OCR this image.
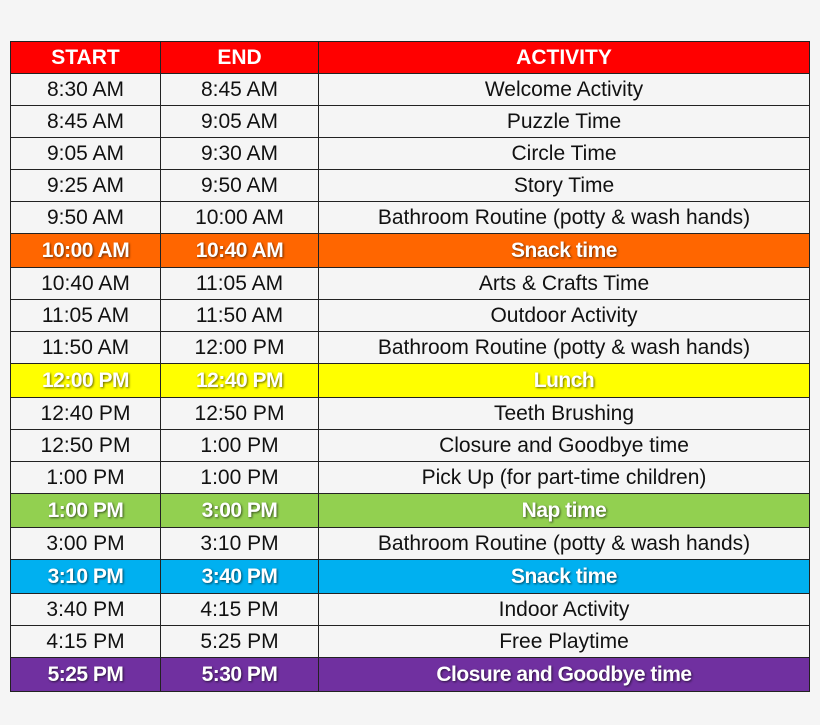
START	END	ACTIVITY
8:30 AM	8:45 AM	Welcome Activity
8:45 AM	9:05 AM	Puzzle Time
9:05 AM	9:30 AM	Circle Time
9:25 AM	9:50 AM	Story Time
9:50 AM	10:00 AM	Bathroom Routine (potty & wash hands)
10:00 AM	10:40 AM	Snack time
10:40 AM	11:05 AM	Arts & Crafts Time
11:05 AM	11:50 AM	Outdoor Activity
11:50 AM	12:00 PM	Bathroom Routine (potty & wash hands)
12:00 PM	12:40 PM	Lunch
12:40 PM	12:50 PM	Teeth Brushing
12:50 PM	1:00 PM	Closure and Goodbye time
1:00 PM	1:00 PM	Pick Up (for part-time children)
1:00 PM	3:00 PM	Nap time
3:00 PM	3:10 PM	Bathroom Routine (potty & wash hands)
3:10 PM	3:40 PM	Snack time
3:40 PM	4:15 PM	Indoor Activity
4:15 PM	5:25 PM	Free Playtime
5:25 PM	5:30 PM	Closure and Goodbye time
